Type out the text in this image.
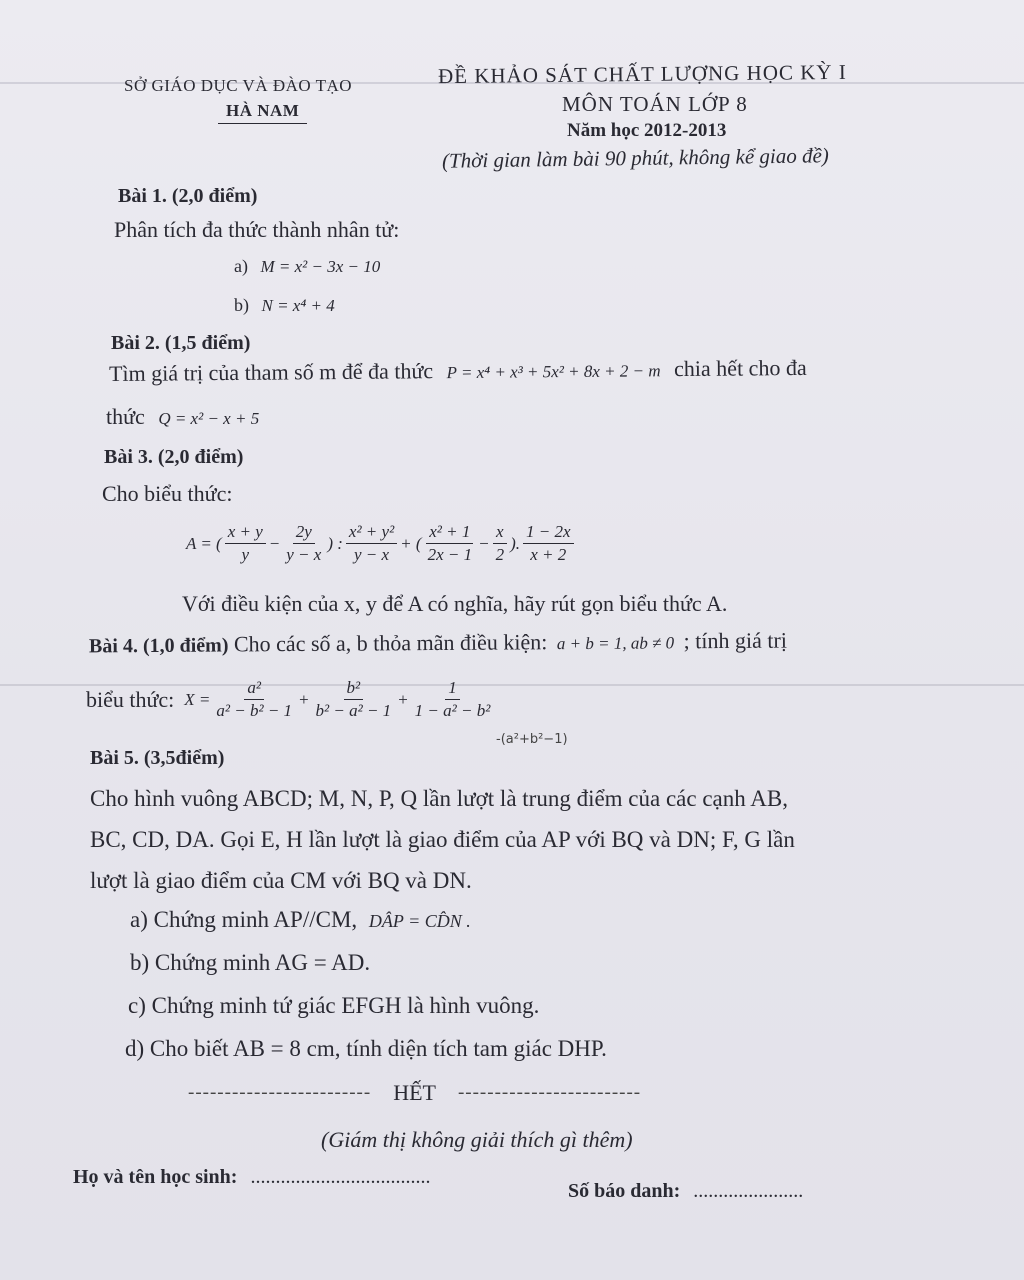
SỞ GIÁO DỤC VÀ ĐÀO TẠO
HÀ NAM
ĐỀ KHẢO SÁT CHẤT LƯỢNG HỌC KỲ I
MÔN TOÁN LỚP 8
Năm học 2012-2013
(Thời gian làm bài 90 phút, không kể giao đề)
Bài 1. (2,0 điểm)
Phân tích đa thức thành nhân tử:
a) M = x² − 3x − 10
b) N = x⁴ + 4
Bài 2. (1,5 điểm)
Tìm giá trị của tham số m để đa thức P = x⁴ + x³ + 5x² + 8x + 2 − m chia hết cho đa
thức Q = x² − x + 5
Bài 3. (2,0 điểm)
Cho biểu thức:
A = ( $\frac{x + y}{y} - \frac{2y}{y - x}$ ) : $\frac{\text{x² + y²}}{y - x}$ + ( $\frac{\text{x² + 1}}{2x - 1} - \frac{x}{2}$ ). $\frac{1 - 2x}{x + 2}$
Với điều kiện của x, y để A có nghĩa, hãy rút gọn biểu thức A.
Bài 4. (1,0 điểm) Cho các số a, b thỏa mãn điều kiện: a + b = 1, ab ≠ 0 ; tính giá trị
biểu thức: $X = \frac{\text{a²}}{\text{a² − b² − 1}} + \frac{\text{b²}}{\text{b² − a² − 1}} + \frac{1}{\text{1 − a² − b²}}$
-(a²+b²−1)
Bài 5. (3,5điểm)
Cho hình vuông ABCD; M, N, P, Q lần lượt là trung điểm của các cạnh AB,
BC, CD, DA. Gọi E, H lần lượt là giao điểm của AP với BQ và DN; F, G lần
lượt là giao điểm của CM với BQ và DN.
a) Chứng minh AP//CM, DÂP = CD̂N .
b) Chứng minh AG = AD.
c) Chứng minh tứ giác EFGH là hình vuông.
d) Cho biết AB = 8 cm, tính diện tích tam giác DHP.
------------------------- HẾT -------------------------
(Giám thị không giải thích gì thêm)
Họ và tên học sinh: ....................................
Số báo danh: ......................
